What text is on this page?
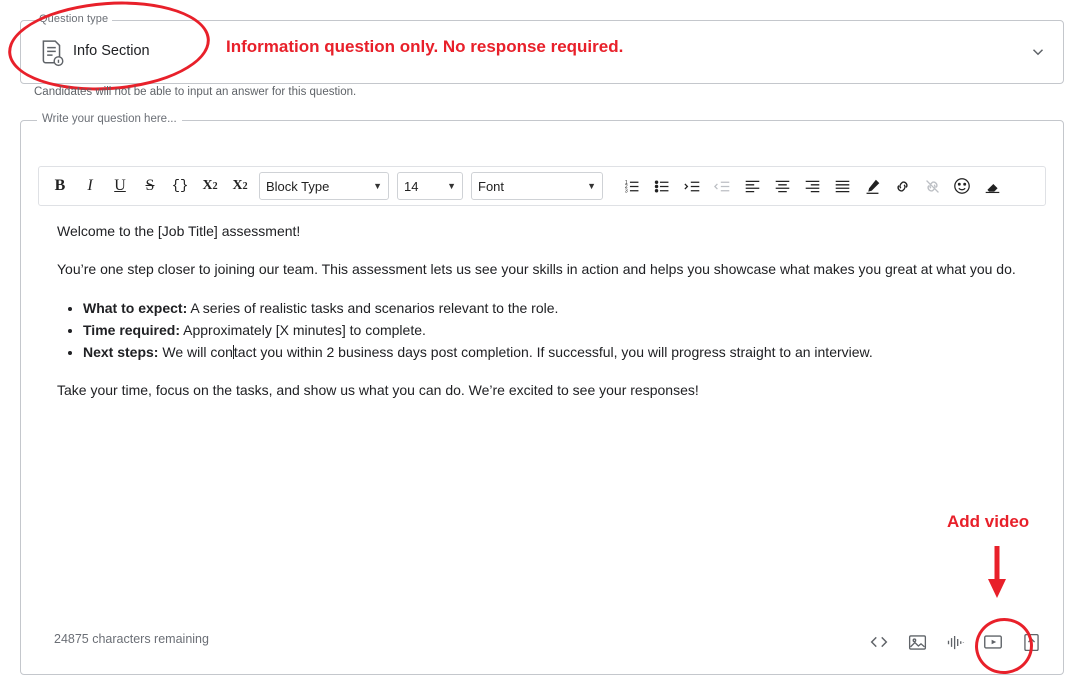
Question type
Info Section	Information question only. No response required.
Candidates will not be able to input an answer for this question.
Write your question here...
B	I	U	S	{}	X 2 X 2 Block Type	▼ 14	▼ Font	▼	1
2
3

Welcome to the [Job Title] assessment!

You’re one step closer to joining our team. This assessment lets us see your skills in action and helps you showcase what makes you great at what you do.

• What to expect: A series of realistic tasks and scenarios relevant to the role.
• Time required: Approximately [X minutes] to complete.
• Next steps: We will contact you within 2 business days post completion. If successful, you will progress straight to an interview.

Take your time, focus on the tasks, and show us what you can do. We’re excited to see your responses!

24875 characters remaining
Add video
